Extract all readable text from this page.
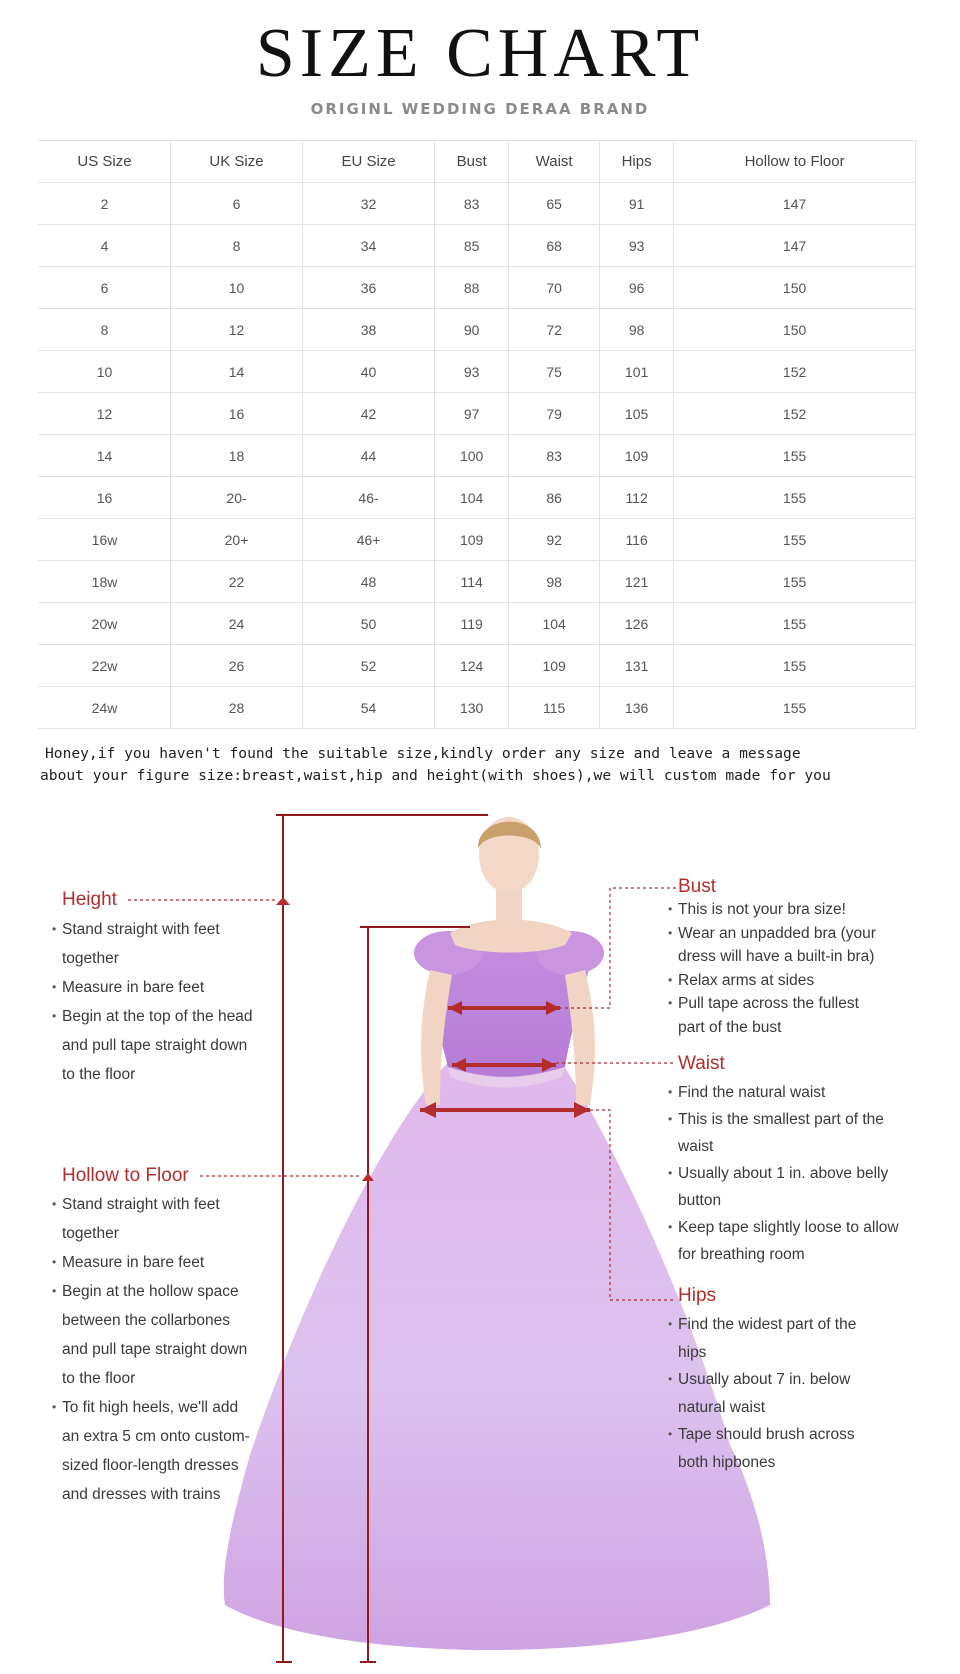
SIZE CHART
ORIGINL WEDDING DERAA BRAND
US Size	UK Size	EU Size	Bust	Waist	Hips	Hollow to Floor
2	6	32	83	65	91	147
4	8	34	85	68	93	147
6	10	36	88	70	96	150
8	12	38	90	72	98	150
10	14	40	93	75	101	152
12	16	42	97	79	105	152
14	18	44	100	83	109	155
16	20-	46-	104	86	112	155
16w	20+	46+	109	92	116	155
18w	22	48	114	98	121	155
20w	24	50	119	104	126	155
22w	26	52	124	109	131	155
24w	28	54	130	115	136	155
Honey,if you haven't found the suitable size,kindly order any size and leave a message
about your figure size:breast,waist,hip and height(with shoes),we will custom made for you
Height
• Stand straight with feet
together
• Measure in bare feet
• Begin at the top of the head
and pull tape straight down
to the floor
Hollow to Floor
• Stand straight with feet
together
• Measure in bare feet
• Begin at the hollow space
between the collarbones
and pull tape straight down
to the floor
• To fit high heels, we'll add
an extra 5 cm onto custom-
sized floor-length dresses
and dresses with trains
Bust
• This is not your bra size!
• Wear an unpadded bra (your
dress will have a built-in bra)
• Relax arms at sides
• Pull tape across the fullest
part of the bust
Waist
• Find the natural waist
• This is the smallest part of the
waist
• Usually about 1 in. above belly
button
• Keep tape slightly loose to allow
for breathing room
Hips
• Find the widest part of the
hips
• Usually about 7 in. below
natural waist
• Tape should brush across
both hipbones
